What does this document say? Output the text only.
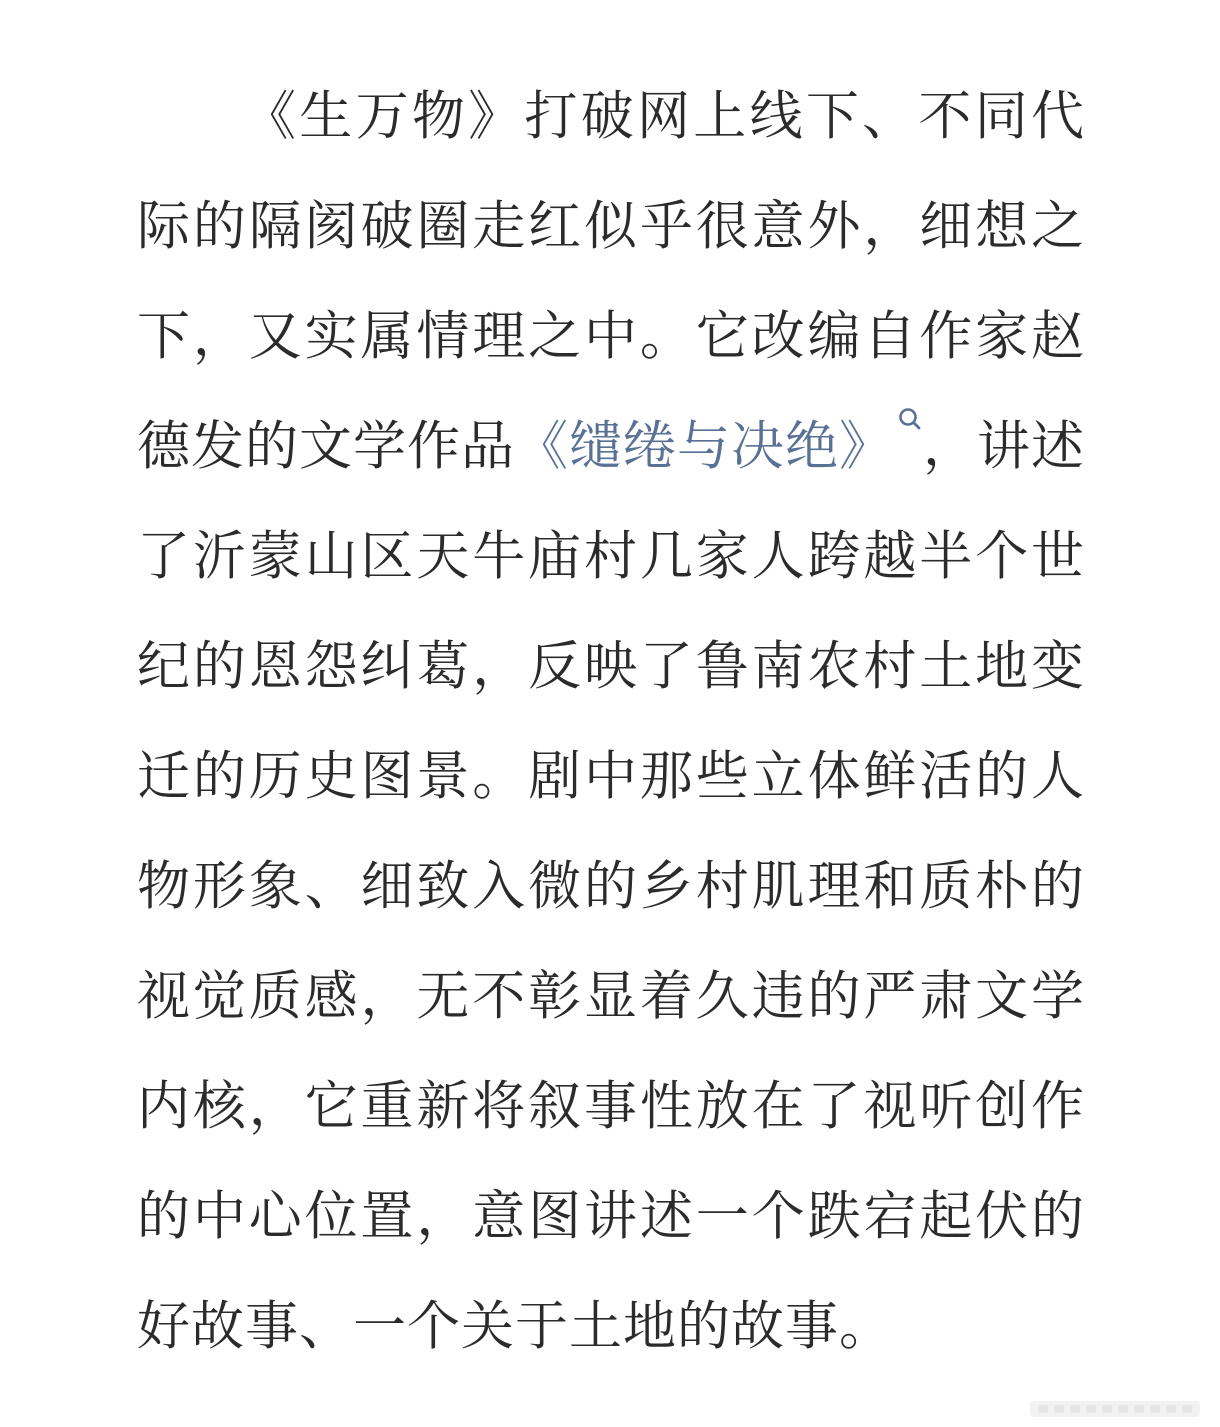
《生万物》打破网上线下、不同代际的隔阂破圈走红似乎很意外，细想之下，又实属情理之中。它改编自作家赵德发的文学作品《缱绻与决绝》 ，讲述了沂蒙山区天牛庙村几家人跨越半个世纪的恩怨纠葛，反映了鲁南农村土地变迁的历史图景。剧中那些立体鲜活的人物形象、细致入微的乡村肌理和质朴的视觉质感，无不彰显着久违的严肃文学内核，它重新将叙事性放在了视听创作的中心位置，意图讲述一个跌宕起伏的好故事、一个关于土地的故事。
